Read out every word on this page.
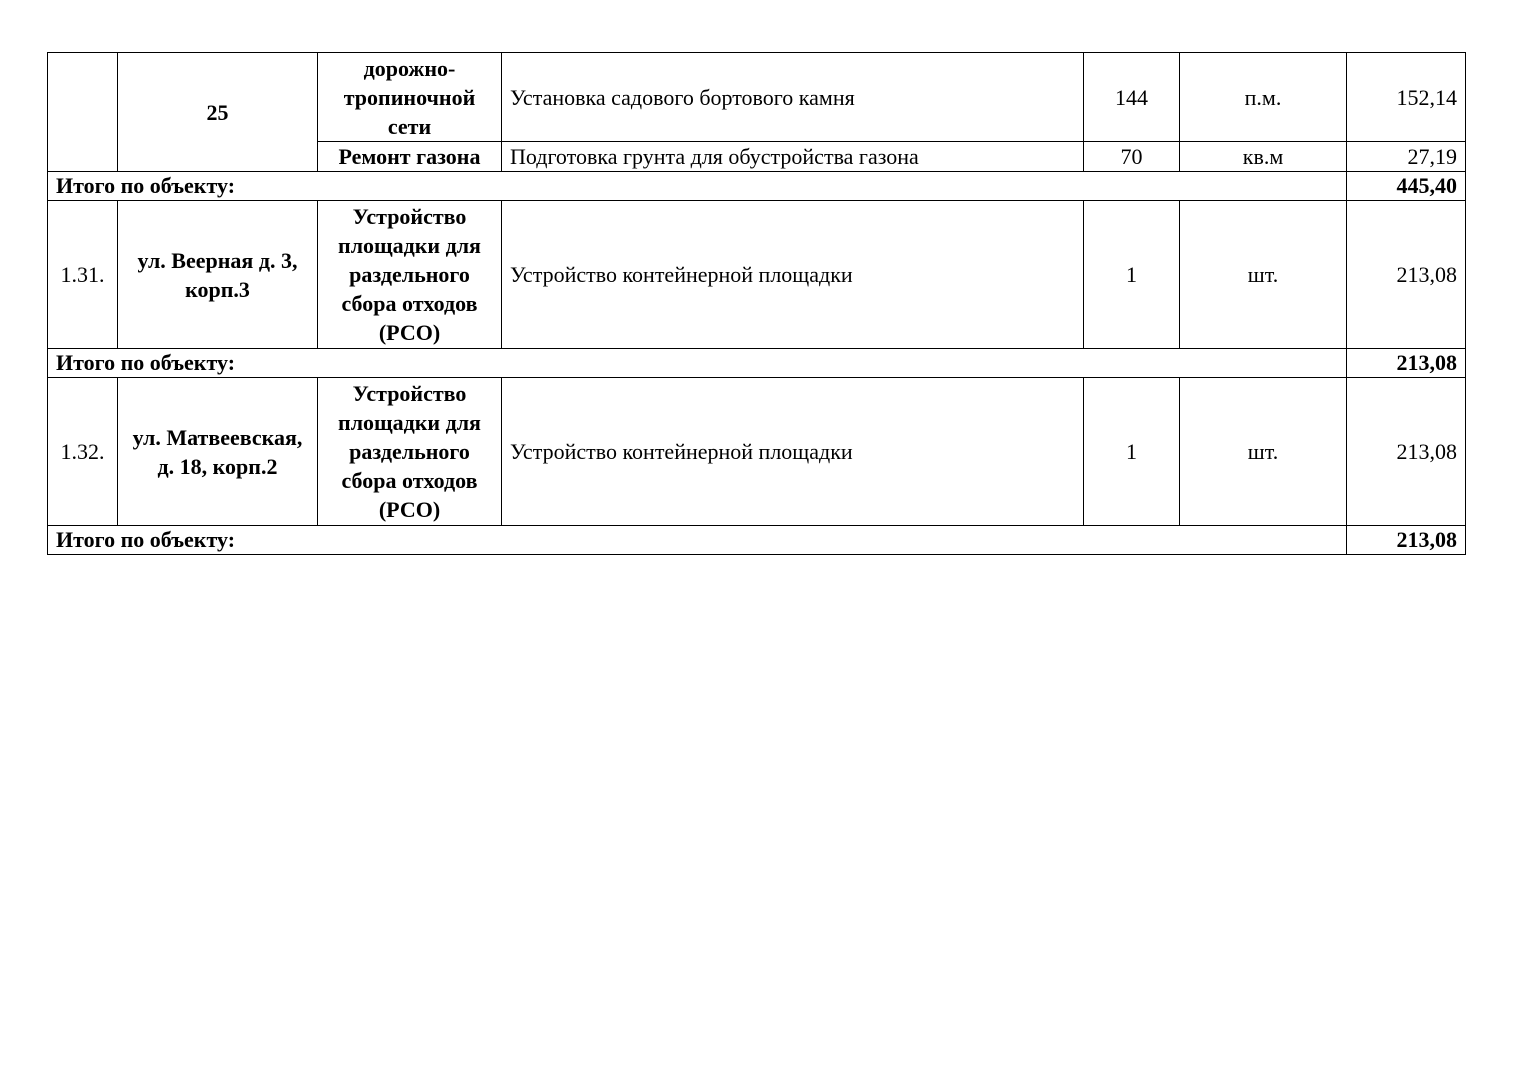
	25	дорожно-тропиночной сети	Установка садового бортового камня	144	п.м.	152,14
		Ремонт газона	Подготовка грунта для обустройства газона	70	кв.м	27,19
Итого по объекту:						445,40
1.31.	ул. Веерная д. 3, корп.3	Устройство площадки для раздельного сбора отходов (РСО)	Устройство контейнерной площадки	1	шт.	213,08
Итого по объекту:						213,08
1.32.	ул. Матвеевская, д. 18, корп.2	Устройство площадки для раздельного сбора отходов (РСО)	Устройство контейнерной площадки	1	шт.	213,08
Итого по объекту:						213,08
